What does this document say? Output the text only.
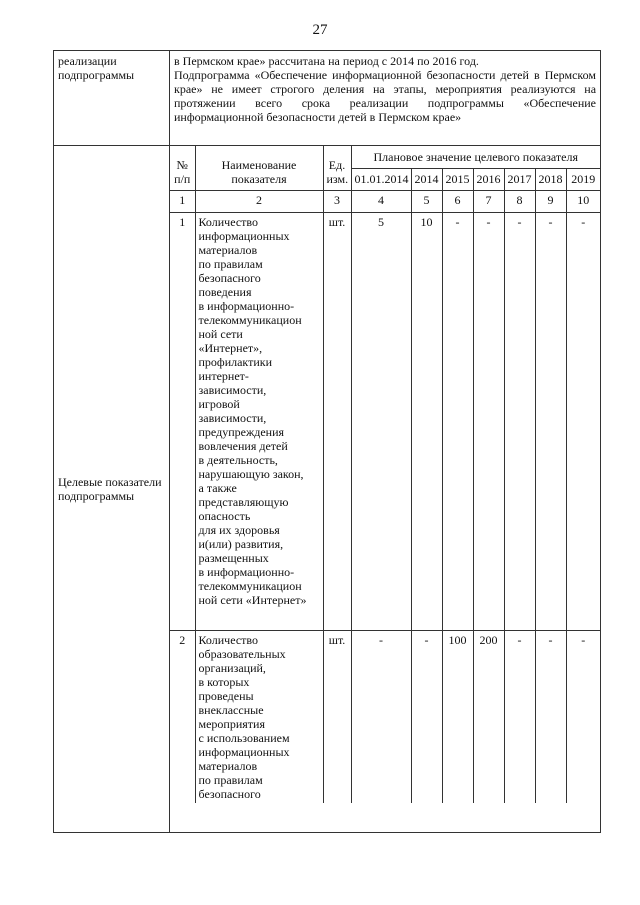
27
реализации подпрограммы	

в Пермском крае» рассчитана на период с 2014 по 2016 год.

Подпрограмма «Обеспечение информационной безопасности детей в Пермском крае» не имеет строгого деления на этапы, мероприятия реализуются на протяжении всего срока реализации подпрограммы «Обеспечение информационной безопасности детей в Пермском крае»

Целевые показатели подпрограммы	
№ п/п	Наименование показателя	Ед. изм.	Плановое значение целевого показателя
01.01.2014	2014	2015	2016	2017	2018	2019
1	2	3	4	5	6	7	8	9	10
1	Количество
информационных
материалов
по правилам
безопасного
поведения
в информационно-
телекоммуникацион
ной сети
«Интернет»,
профилактики
интернет-
зависимости,
игровой
зависимости,
предупреждения
вовлечения детей
в деятельность,
нарушающую закон,
а также
представляющую
опасность
для их здоровья
и(или) развития,
размещенных
в информационно-
телекоммуникацион
ной сети «Интернет»	шт.	5	10	-	-	-	-	-
2	Количество
образовательных
организаций,
в которых
проведены
внеклассные
мероприятия
с использованием
информационных
материалов
по правилам
безопасного	шт.	-	-	100	200	-	-	-
